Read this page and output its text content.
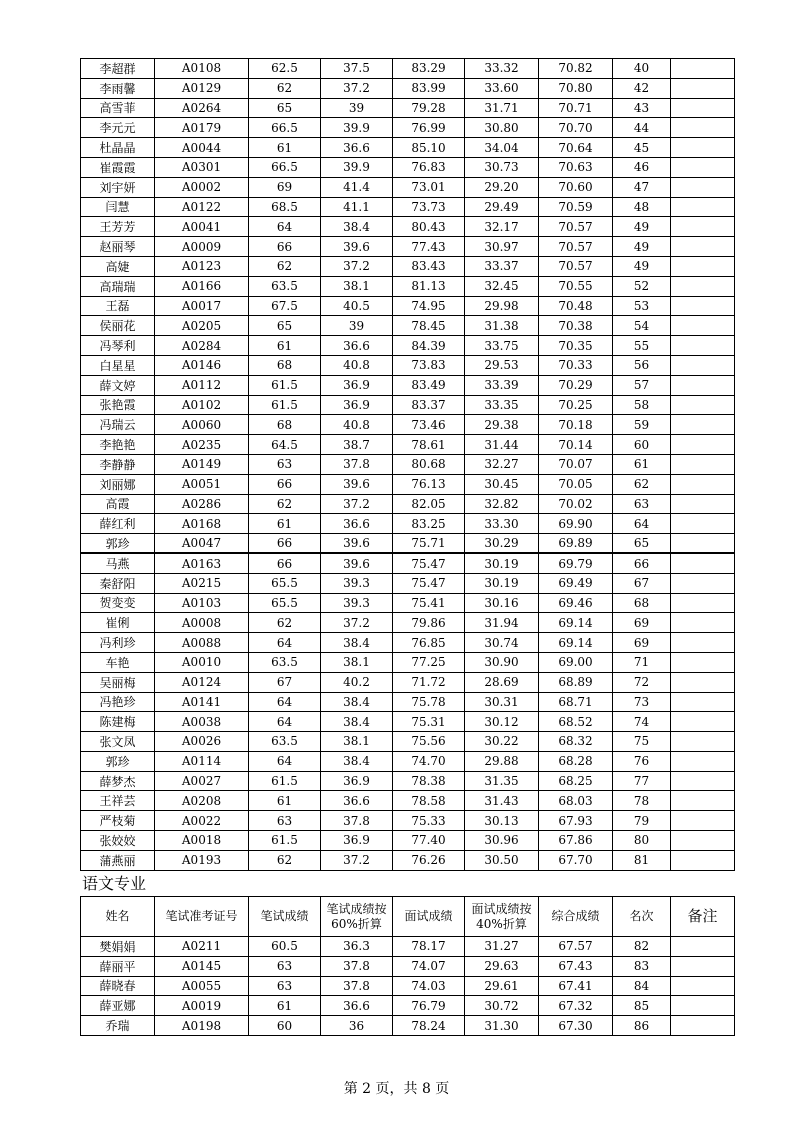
李超群	A0108	62.5	37.5	83.29	33.32	70.82	40	
李雨馨	A0129	62	37.2	83.99	33.60	70.80	42	
高雪菲	A0264	65	39	79.28	31.71	70.71	43	
李元元	A0179	66.5	39.9	76.99	30.80	70.70	44	
杜晶晶	A0044	61	36.6	85.10	34.04	70.64	45	
崔霞霞	A0301	66.5	39.9	76.83	30.73	70.63	46	
刘宇妍	A0002	69	41.4	73.01	29.20	70.60	47	
闫慧	A0122	68.5	41.1	73.73	29.49	70.59	48	
王芳芳	A0041	64	38.4	80.43	32.17	70.57	49	
赵丽琴	A0009	66	39.6	77.43	30.97	70.57	49	
高婕	A0123	62	37.2	83.43	33.37	70.57	49	
高瑞瑞	A0166	63.5	38.1	81.13	32.45	70.55	52	
王磊	A0017	67.5	40.5	74.95	29.98	70.48	53	
侯丽花	A0205	65	39	78.45	31.38	70.38	54	
冯琴利	A0284	61	36.6	84.39	33.75	70.35	55	
白星星	A0146	68	40.8	73.83	29.53	70.33	56	
薛文婷	A0112	61.5	36.9	83.49	33.39	70.29	57	
张艳霞	A0102	61.5	36.9	83.37	33.35	70.25	58	
冯瑞云	A0060	68	40.8	73.46	29.38	70.18	59	
李艳艳	A0235	64.5	38.7	78.61	31.44	70.14	60	
李静静	A0149	63	37.8	80.68	32.27	70.07	61	
刘丽娜	A0051	66	39.6	76.13	30.45	70.05	62	
高霞	A0286	62	37.2	82.05	32.82	70.02	63	
薛红利	A0168	61	36.6	83.25	33.30	69.90	64	
郭珍	A0047	66	39.6	75.71	30.29	69.89	65	
马燕	A0163	66	39.6	75.47	30.19	69.79	66	
秦舒阳	A0215	65.5	39.3	75.47	30.19	69.49	67	
贺变变	A0103	65.5	39.3	75.41	30.16	69.46	68	
崔俐	A0008	62	37.2	79.86	31.94	69.14	69	
冯利珍	A0088	64	38.4	76.85	30.74	69.14	69	
车艳	A0010	63.5	38.1	77.25	30.90	69.00	71	
吴丽梅	A0124	67	40.2	71.72	28.69	68.89	72	
冯艳珍	A0141	64	38.4	75.78	30.31	68.71	73	
陈建梅	A0038	64	38.4	75.31	30.12	68.52	74	
张文凤	A0026	63.5	38.1	75.56	30.22	68.32	75	
郭珍	A0114	64	38.4	74.70	29.88	68.28	76	
薛梦杰	A0027	61.5	36.9	78.38	31.35	68.25	77	
王祥芸	A0208	61	36.6	78.58	31.43	68.03	78	
严枝菊	A0022	63	37.8	75.33	30.13	67.93	79	
张姣姣	A0018	61.5	36.9	77.40	30.96	67.86	80	
蒲燕丽	A0193	62	37.2	76.26	30.50	67.70	81	
语文专业
姓名	笔试准考证号	笔试成绩	笔试成绩按60%折算	面试成绩	面试成绩按40%折算	综合成绩	名次	备注
樊娟娟	A0211	60.5	36.3	78.17	31.27	67.57	82	
薛丽平	A0145	63	37.8	74.07	29.63	67.43	83	
薛晓春	A0055	63	37.8	74.03	29.61	67.41	84	
薛亚娜	A0019	61	36.6	76.79	30.72	67.32	85	
乔瑞	A0198	60	36	78.24	31.30	67.30	86	
第 2 页，共 8 页
